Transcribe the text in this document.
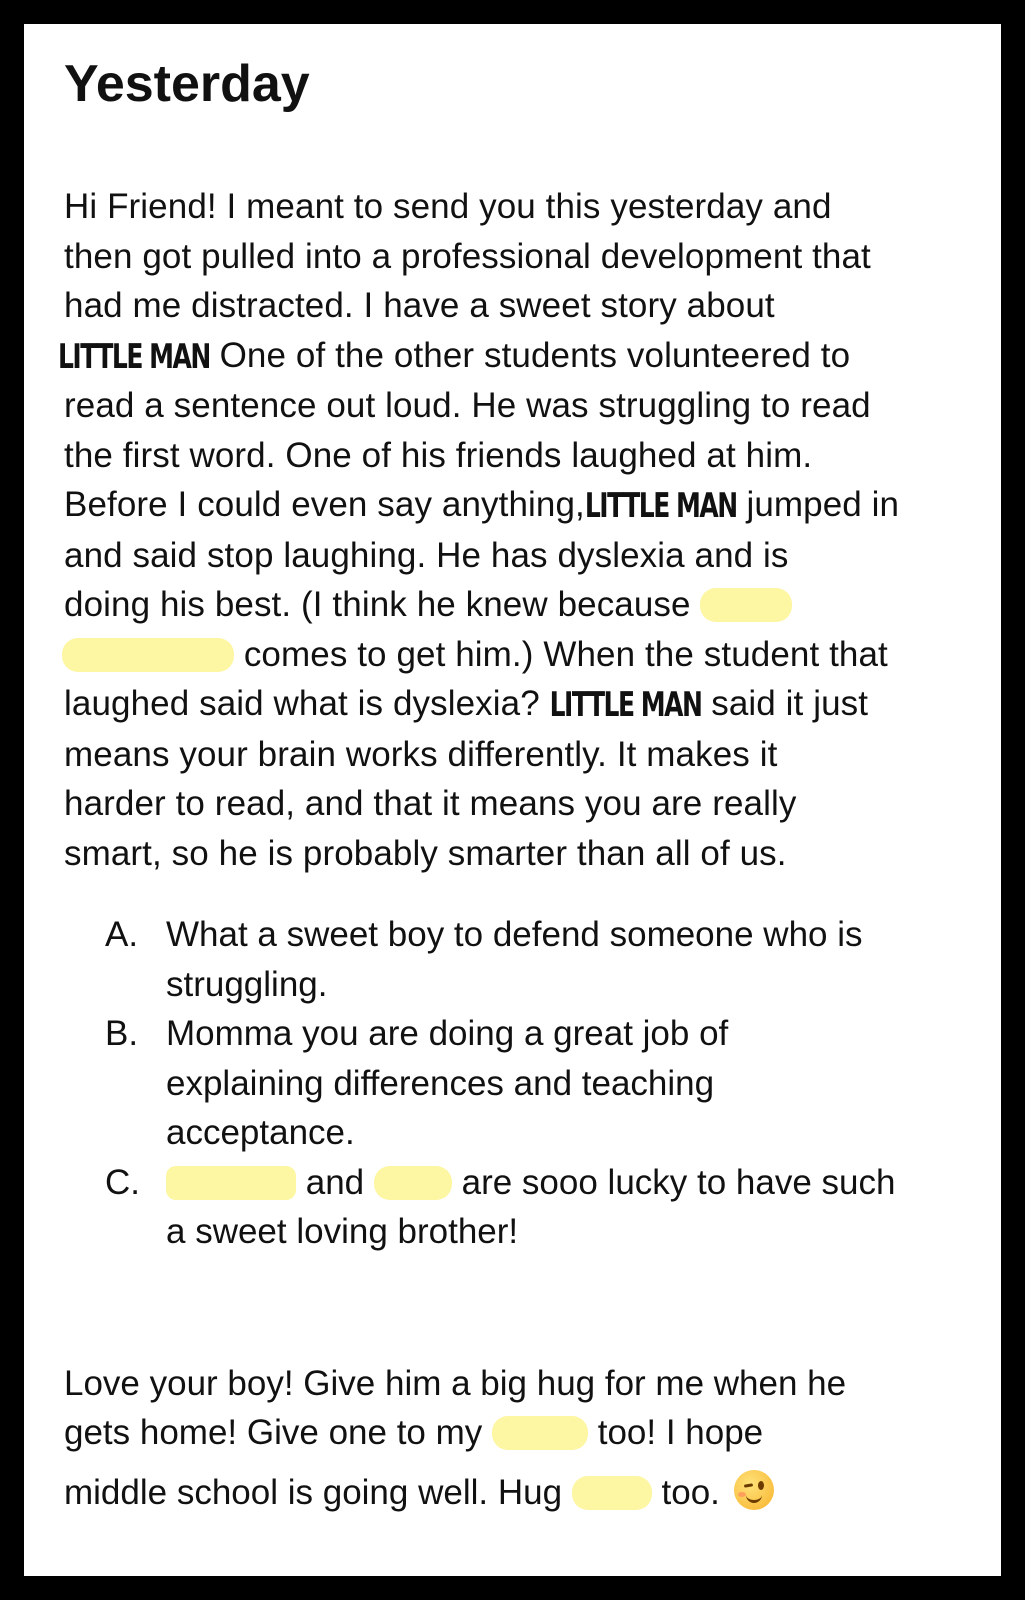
Yesterday
Hi Friend! I meant to send you this yesterday and
then got pulled into a professional development that
had me distracted. I have a sweet story about
LITTLE MAN One of the other students volunteered to
read a sentence out loud. He was struggling to read
the first word. One of his friends laughed at him.
Before I could even say anything,LITTLE MAN jumped in
and said stop laughing. He has dyslexia and is
doing his best. (I think he knew because
comes to get him.) When the student that
laughed said what is dyslexia? LITTLE MAN said it just
means your brain works differently. It makes it
harder to read, and that it means you are really
smart, so he is probably smarter than all of us.
A. What a sweet boy to defend someone who is
struggling.
B. Momma you are doing a great job of
explaining differences and teaching
acceptance.
C.	and	are sooo lucky to have such
a sweet loving brother!
Love your boy! Give him a big hug for me when he
gets home! Give one to my	too! I hope
middle school is going well. Hug	too.
